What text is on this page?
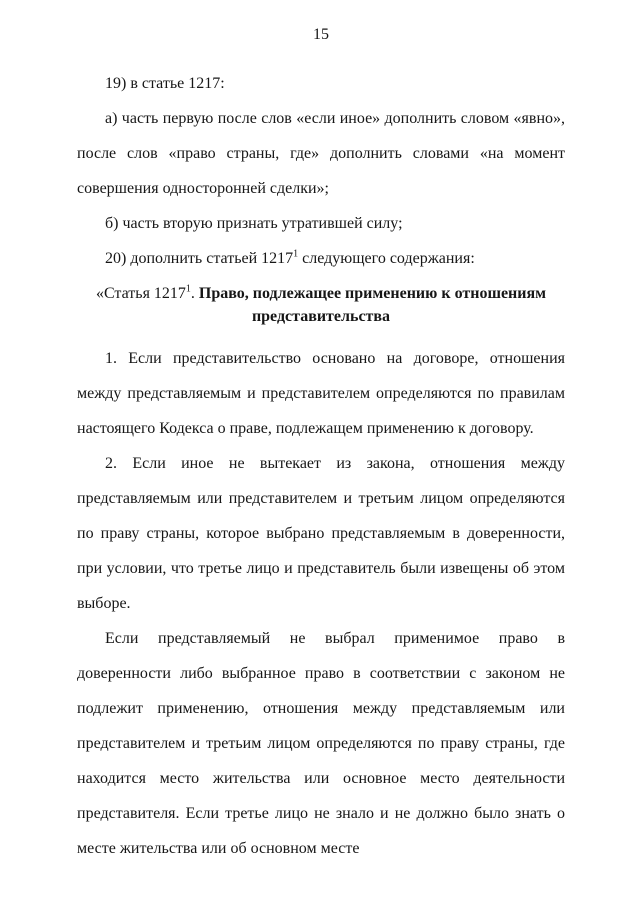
15

19) в статье 1217:

а) часть первую после слов «если иное» дополнить словом «явно», после слов «право страны, где» дополнить словами «на момент совершения односторонней сделки»;

б) часть вторую признать утратившей силу;

20) дополнить статьей 1217$^1$ следующего содержания:

«Статья 1217$^1$. Право, подлежащее применению к отношениям представительства

1. Если представительство основано на договоре, отношения между представляемым и представителем определяются по правилам настоящего Кодекса о праве, подлежащем применению к договору.

2. Если иное не вытекает из закона, отношения между представляемым или представителем и третьим лицом определяются по праву страны, которое выбрано представляемым в доверенности, при условии, что третье лицо и представитель были извещены об этом выборе.

Если представляемый не выбрал применимое право в доверенности либо выбранное право в соответствии с законом не подлежит применению, отношения между представляемым или представителем и третьим лицом определяются по праву страны, где находится место жительства или основное место деятельности представителя. Если третье лицо не знало и не должно было знать о месте жительства или об основном месте
